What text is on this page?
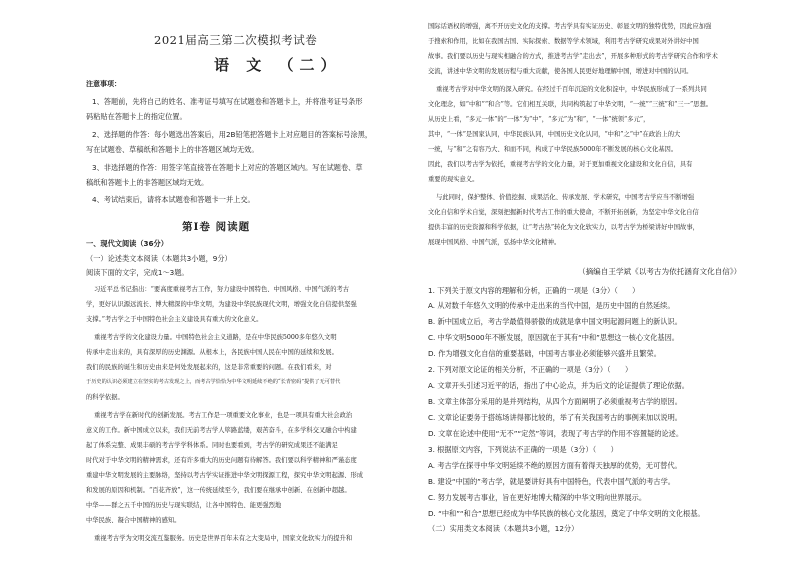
2021届高三第二次模拟考试卷
语 文 （二）
注意事项：
1、答题前，先将自己的姓名、准考证号填写在试题卷和答题卡上，并将准考证号条形
码粘贴在答题卡上的指定位置。
2、选择题的作答：每小题选出答案后，用2B铅笔把答题卡上对应题目的答案标号涂黑，
写在试题卷、草稿纸和答题卡上的非答题区域均无效。
3、非选择题的作答：用签字笔直接答在答题卡上对应的答题区域内。写在试题卷、草
稿纸和答题卡上的非答题区域均无效。
4、考试结束后，请将本试题卷和答题卡一并上交。
第Ⅰ卷 阅读题
一、现代文阅读（36分）
（一）论述类文本阅读（本题共3小题，9分）
阅读下面的文字，完成1～3题。
习近平总书记指出：“要高度重视考古工作，努力建设中国特色、中国风格、中国气派的考古
学，更好认识源远流长、博大精深的中华文明，为建设中华民族现代文明，增强文化自信提供坚强
支撑。”考古学之于中国特色社会主义建设具有重大的文化意义。
重视考古学的文化建设力量。中国特色社会主义道路，是在中华民族5000多年悠久文明
传承中走出来的，具有深厚的历史渊源。从根本上，各民族中国人民在中国的延续和发展。
我们的民族的诞生和历史由来是何处发展起来的，这是非常重要的问题。在我们看来，对
于历史的认识必须建立在坚实的考古发现之上，而考古学恰恰为中华文明延续不绝的“长青密码”提供了无可替代
的科学依据。
重视考古学在新时代的创新发展。考古工作是一项重要文化事业，也是一项具有重大社会政治
意义的工作。新中国成立以来，我们无前考古学人筚路蓝缕，艰苦奋斗，在多学科交叉融合中构建
起了体系完整、成果丰硕的考古学学科体系。同时也要看到，考古学的研究成果还不能满足
时代对于中华文明的精神需求，还有许多重大的历史问题有待解答。我们要以科学精神和严谨态度
重建中华文明发展的主要脉络，坚持以考古学实证推进中华文明探源工程，探究中华文明起源、形成
和发展的原因和机制。“百花齐放”，这一传统延续至今，我们要在继承中创新、在创新中超越。
中华——群之五千中国的历史与现实联结，让各中国特色、能更强烈地
中华民族、凝合中国精神的感知。
重视考古学为文明交流互鉴服务。历史是世界百年未有之大变局中，国家文化软实力的提升和
国际话语权的增强，离不开历史文化的支撑。考古学具有实证历史、彰显文明的独特优势，因此应加强
于搜索和作用，比如在我国古国、实际探索、数据等学术领域，利用考古学研究成果对外讲好中国
故事。我们要以历史与现实相融合的方式，推进考古学“走出去”，开展多种形式的考古学研究合作和学术
交流，讲述中华文明的发展历程与重大贡献，使各国人民更好地理解中国，增进对中国的认同。
重视考古学对中华文明的深入研究。在经过千百年沉淀的文化积淀中，中华民族形成了一系列共同
文化理念，如“中和”“和合”等。它们相互关联，共同构筑起了中华文明，“一统”“三统”和“三一”思想。
从历史上看，“多元一体”的“一体”为“中”，“多元”为“和”，“一体”统领“多元”，
其中，“一体”是国家认同，中华民族认同，中国历史文化认同，“中和”之“中”在政治上的大
一统，与“和”之有容乃大、和而不同，构成了中华民族5000年不断发展的核心文化基因。
因此，我们以考古学为依托，重视考古学的文化力量，对于更加重视文化建设和文化自信，具有
重要的现实意义。
与此同时，保护整体、价值挖掘、成果活化、传承发展、学术研究，中国考古学应当不断增强
文化自信和学术自觉，深刻把握新时代考古工作的重大使命，不断开拓创新，为坚定中华文化自信
提供丰富的历史资源和科学依据，让“考古热”转化为文化软实力，以考古学为桥梁讲好中国故事，
展现中国风格、中国气派，弘扬中华文化精神。
（摘编自王学斌《以考古为依托涵育文化自信》）
1. 下列关于原文内容的理解和分析，正确的一项是（3分）（　　）
A. 从对数千年悠久文明的传承中走出来的当代中国，是历史中国的自然延续。
B. 新中国成立后，考古学最值得骄傲的成就是拿中国文明起源问题上的新认识。
C. 中华文明5000年不断发展，原因就在于其有“中和”思想这一核心文化基因。
D. 作为增强文化自信的重要基础，中国考古事业必须能够兴盛并且繁荣。
2. 下列对原文论证的相关分析，不正确的一项是（3分）（　　）
A. 文章开头引述习近平的话，指出了中心论点，并为后文的论证提供了理论依据。
B. 文章主体部分采用的是并列结构，从四个方面阐明了必须重视考古学的原因。
C. 文章论证要务于搭练场讲得都比较的，举了有关我国考古的事例来加以说明。
D. 文章在论述中使用“无不”“定然”等词，表现了考古学的作用不容置疑的论述。
3. 根据原文内容，下列说法不正确的一项是（3分）（　　）
A. 考古学在探寻中华文明延续不绝的原因方面有着得天独厚的优势，无可替代。
B. 建设“中国的”考古学，就是要讲好具有中国特色，代表中国气派的考古学。
C. 努力发展考古事业，旨在更好地博大精深的中华文明向世界展示。
D. “中和”“和合”思想已经成为中华民族的核心文化基因，奠定了中华文明的文化根基。
（二）实用类文本阅读（本题共3小题，12分）
